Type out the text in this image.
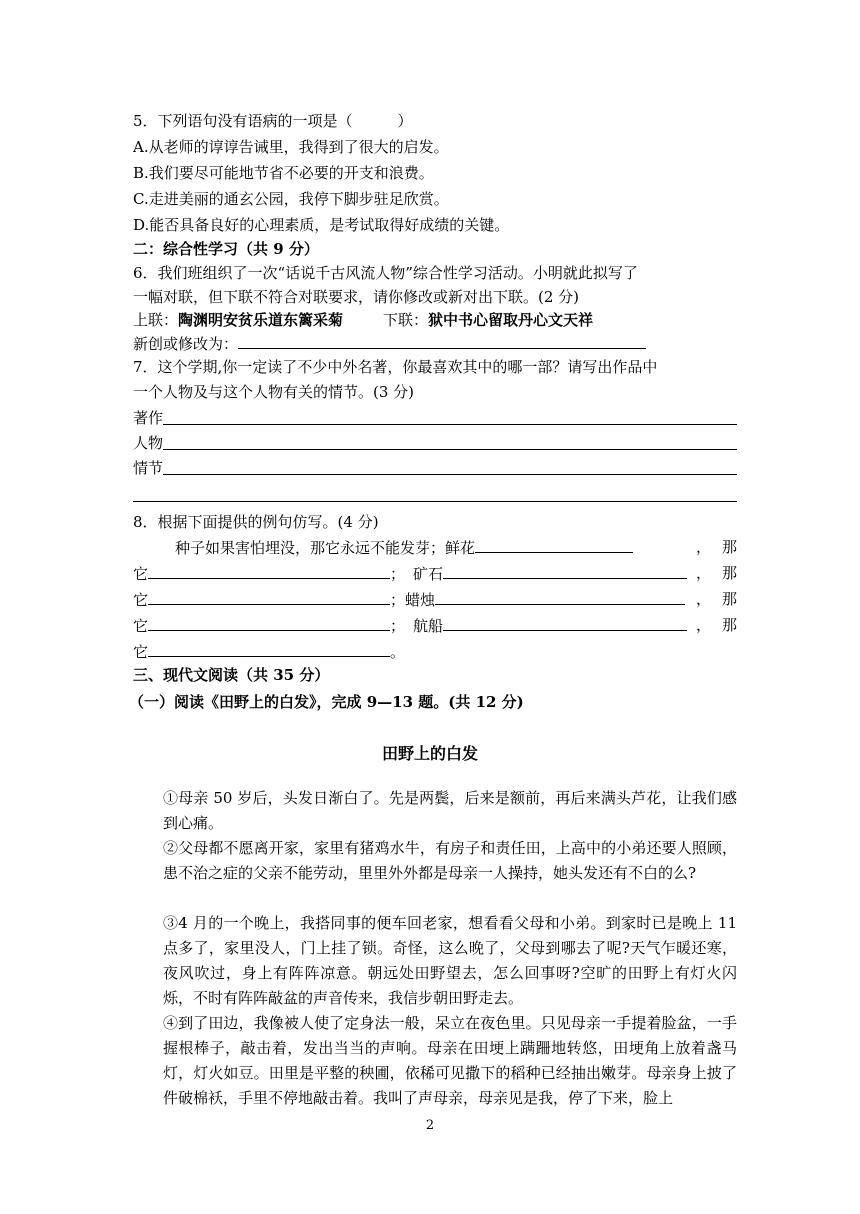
5．下列语句没有语病的一项是（　　　）
A.从老师的谆谆告诫里，我得到了很大的启发。
B.我们要尽可能地节省不必要的开支和浪费。
C.走进美丽的通玄公园，我停下脚步驻足欣赏。
D.能否具备良好的心理素质，是考试取得好成绩的关键。
二：综合性学习（共 9 分）
6．我们班组织了一次“话说千古风流人物”综合性学习活动。小明就此拟写了
一幅对联，但下联不符合对联要求，请你修改或新对出下联。(2 分)
上联：陶渊明安贫乐道东篱采菊	下联：狱中书心留取丹心文天祥
新创或修改为：
7．这个学期,你一定读了不少中外名著，你最喜欢其中的哪一部？请写出作品中
一个人物及与这个人物有关的情节。(3 分)
著作
人物
情节
8．根据下面提供的例句仿写。(4 分)
种子如果害怕埋没，那它永远不能发芽；鲜花	， 那
它	； 矿石	， 那
它	；蜡烛	， 那
它	； 航船	， 那
它	。
三、现代文阅读（共 35 分）
（一）阅读《田野上的白发》，完成 9—13 题。(共 12 分)
田野上的白发
①母亲 50 岁后，头发日渐白了。先是两鬓，后来是额前，再后来满头芦花，让我们感到心痛。
②父母都不愿离开家，家里有猪鸡水牛，有房子和责任田，上高中的小弟还要人照顾，患不治之症的父亲不能劳动，里里外外都是母亲一人操持，她头发还有不白的么?
③4 月的一个晚上，我搭同事的便车回老家，想看看父母和小弟。到家时已是晚上 11 点多了，家里没人，门上挂了锁。奇怪，这么晚了，父母到哪去了呢?天气乍暖还寒，夜风吹过，身上有阵阵凉意。朝远处田野望去，怎么回事呀?空旷的田野上有灯火闪烁，不时有阵阵敲盆的声音传来，我信步朝田野走去。
④到了田边，我像被人使了定身法一般，呆立在夜色里。只见母亲一手提着脸盆，一手握根棒子，敲击着，发出当当的声响。母亲在田埂上蹒跚地转悠，田埂角上放着盏马灯，灯火如豆。田里是平整的秧圃，依稀可见撒下的稻种已经抽出嫩芽。母亲身上披了件破棉袄，手里不停地敲击着。我叫了声母亲，母亲见是我，停了下来，脸上
2
